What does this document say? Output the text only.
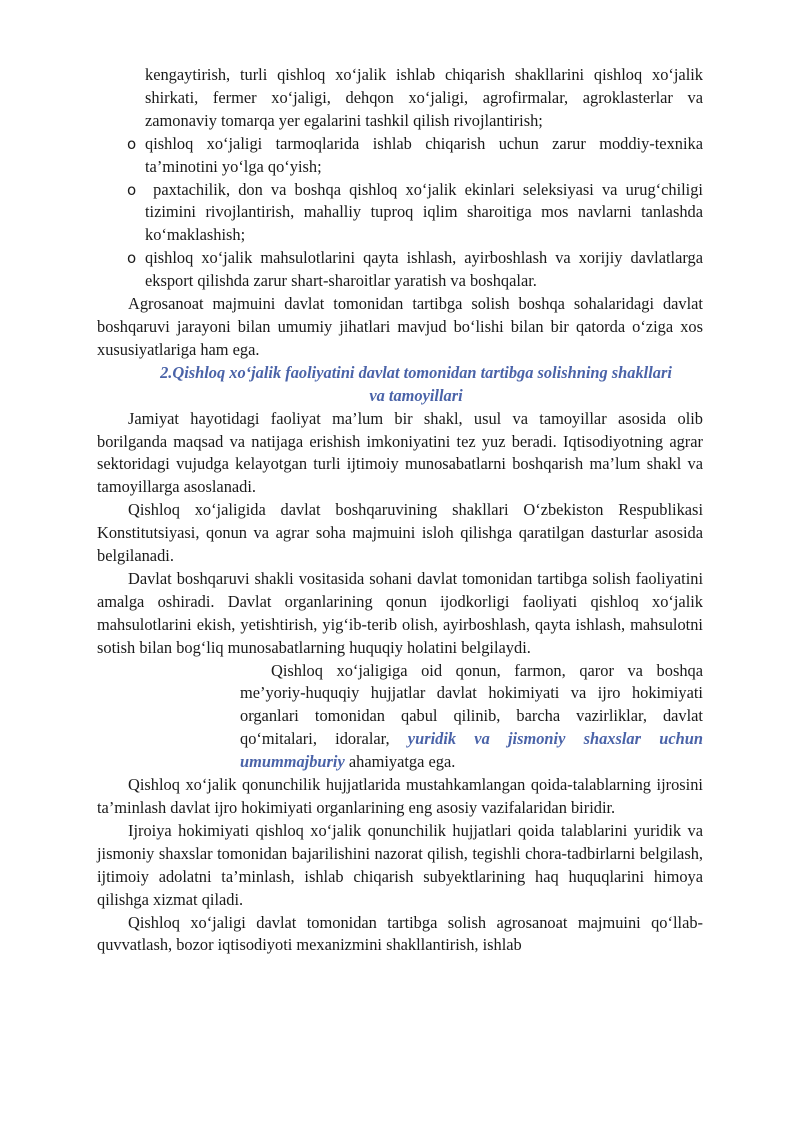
kengaytirish, turli qishloq xo‘jalik ishlab chiqarish shakllarini qishloq xo‘jalik shirkati, fermer xo‘jaligi, dehqon xo‘jaligi, agrofirmalar, agroklasterlar va zamonaviy tomarqa yer egalarini tashkil qilish rivojlantirish;

o qishloq xo‘jaligi tarmoqlarida ishlab chiqarish uchun zarur moddiy-texnika ta’minotini yo‘lga qo‘yish;

o paxtachilik, don va boshqa qishloq xo‘jalik ekinlari seleksiyasi va urug‘chiligi tizimini rivojlantirish, mahalliy tuproq iqlim sharoitiga mos navlarni tanlashda ko‘maklashish;

o qishloq xo‘jalik mahsulotlarini qayta ishlash, ayirboshlash va xorijiy davlatlarga eksport qilishda zarur shart-sharoitlar yaratish va boshqalar.

Agrosanoat majmuini davlat tomonidan tartibga solish boshqa sohalaridagi davlat boshqaruvi jarayoni bilan umumiy jihatlari mavjud bo‘lishi bilan bir qatorda o‘ziga xos xususiyatlariga ham ega.

2.Qishloq xo‘jalik faoliyatini davlat tomonidan tartibga solishning shakllari va tamoyillari

Jamiyat hayotidagi faoliyat ma’lum bir shakl, usul va tamoyillar asosida olib borilganda maqsad va natijaga erishish imkoniyatini tez yuz beradi. Iqtisodiyotning agrar sektoridagi vujudga kelayotgan turli ijtimoiy munosabatlarni boshqarish ma’lum shakl va tamoyillarga asoslanadi.

Qishloq xo‘jaligida davlat boshqaruvining shakllari O‘zbekiston Respublikasi Konstitutsiyasi, qonun va agrar soha majmuini isloh qilishga qaratilgan dasturlar asosida belgilanadi.

Davlat boshqaruvi shakli vositasida sohani davlat tomonidan tartibga solish faoliyatini amalga oshiradi. Davlat organlarining qonun ijodkorligi faoliyati qishloq xo‘jalik mahsulotlarini ekish, yetishtirish, yig‘ib-terib olish, ayirboshlash, qayta ishlash, mahsulotni sotish bilan bog‘liq munosabatlarning huquqiy holatini belgilaydi.

Qishloq xo‘jaligiga oid qonun, farmon, qaror va boshqa me’yoriy-huquqiy hujjatlar davlat hokimiyati va ijro hokimiyati organlari tomonidan qabul qilinib, barcha vazirliklar, davlat qo‘mitalari, idoralar, yuridik va jismoniy shaxslar uchun umummajburiy ahamiyatga ega.

Qishloq xo‘jalik qonunchilik hujjatlarida mustahkamlangan qoida-talablarning ijrosini ta’minlash davlat ijro hokimiyati organlarining eng asosiy vazifalaridan biridir.

Ijroiya hokimiyati qishloq xo‘jalik qonunchilik hujjatlari qoida talablarini yuridik va jismoniy shaxslar tomonidan bajarilishini nazorat qilish, tegishli chora-tadbirlarni belgilash, ijtimoiy adolatni ta’minlash, ishlab chiqarish subyektlarining haq huquqlarini himoya qilishga xizmat qiladi.

Qishloq xo‘jaligi davlat tomonidan tartibga solish agrosanoat majmuini qo‘llab-quvvatlash, bozor iqtisodiyoti mexanizmini shakllantirish, ishlab
